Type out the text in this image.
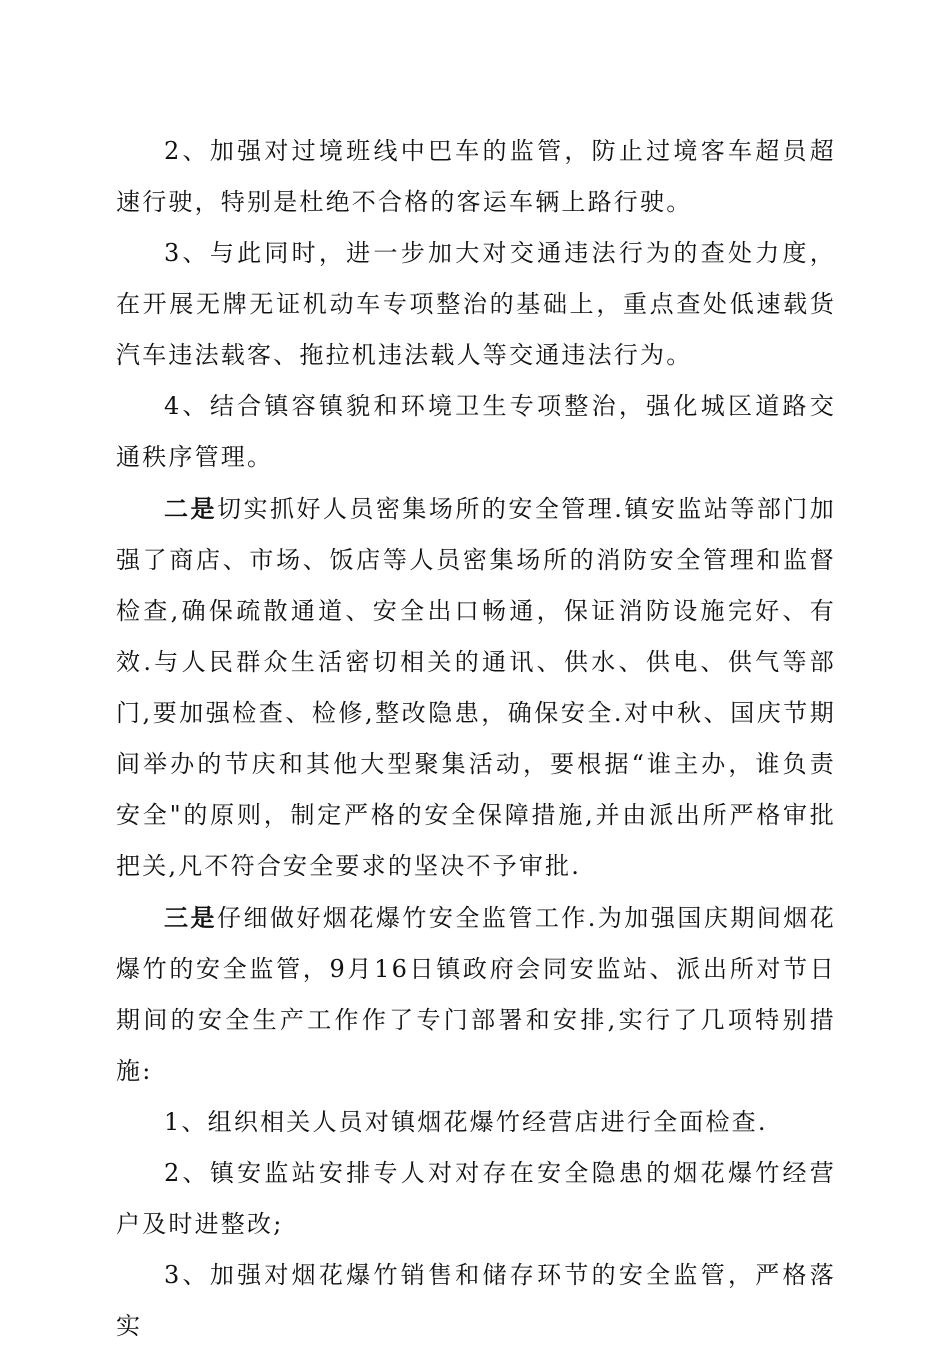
2、加强对过境班线中巴车的监管，防止过境客车超员超速行驶，特别是杜绝不合格的客运车辆上路行驶。

3、与此同时，进一步加大对交通违法行为的查处力度，在开展无牌无证机动车专项整治的基础上，重点查处低速载货汽车违法载客、拖拉机违法载人等交通违法行为。

4、结合镇容镇貌和环境卫生专项整治，强化城区道路交通秩序管理。

二是切实抓好人员密集场所的安全管理.镇安监站等部门加强了商店、市场、饭店等人员密集场所的消防安全管理和监督检查,确保疏散通道、安全出口畅通，保证消防设施完好、有效.与人民群众生活密切相关的通讯、供水、供电、供气等部门,要加强检查、检修,整改隐患，确保安全.对中秋、国庆节期间举办的节庆和其他大型聚集活动，要根据“谁主办，谁负责安全"的原则，制定严格的安全保障措施,并由派出所严格审批把关,凡不符合安全要求的坚决不予审批.

三是仔细做好烟花爆竹安全监管工作.为加强国庆期间烟花爆竹的安全监管，9月16日镇政府会同安监站、派出所对节日期间的安全生产工作作了专门部署和安排,实行了几项特别措施:

1、组织相关人员对镇烟花爆竹经营店进行全面检查.

2、镇安监站安排专人对对存在安全隐患的烟花爆竹经营户及时进整改;

3、加强对烟花爆竹销售和储存环节的安全监管，严格落实
